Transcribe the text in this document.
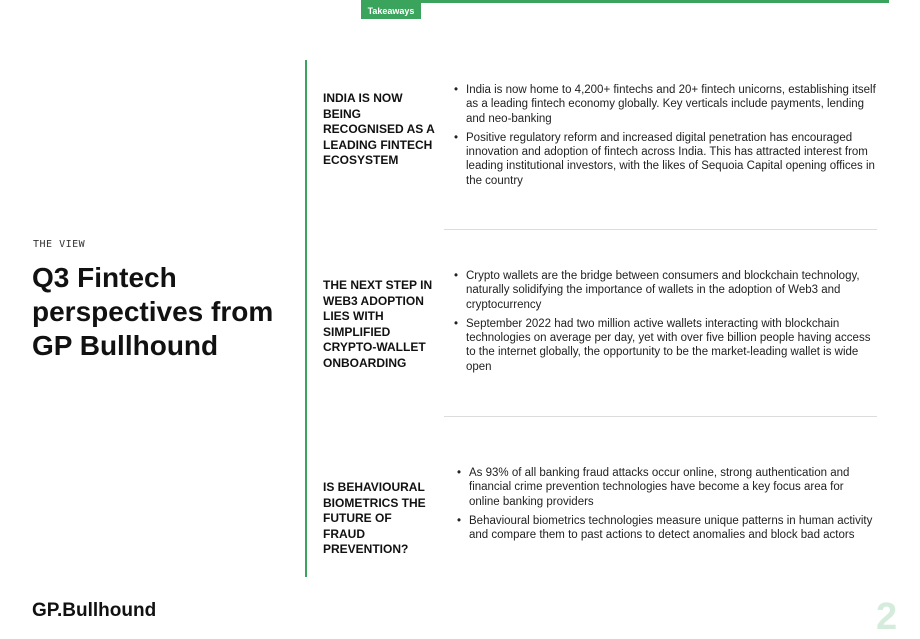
Takeaways
THE VIEW
Q3 Fintech perspectives from GP Bullhound
INDIA IS NOW BEING RECOGNISED AS A LEADING FINTECH ECOSYSTEM
• India is now home to 4,200+ fintechs and 20+ fintech unicorns, establishing itself as a leading fintech economy globally. Key verticals include payments, lending and neo-banking
• Positive regulatory reform and increased digital penetration has encouraged innovation and adoption of fintech across India. This has attracted interest from leading institutional investors, with the likes of Sequoia Capital opening offices in the country
THE NEXT STEP IN WEB3 ADOPTION LIES WITH SIMPLIFIED CRYPTO-WALLET ONBOARDING
• Crypto wallets are the bridge between consumers and blockchain technology, naturally solidifying the importance of wallets in the adoption of Web3 and cryptocurrency
• September 2022 had two million active wallets interacting with blockchain technologies on average per day, yet with over five billion people having access to the internet globally, the opportunity to be the market-leading wallet is wide open
IS BEHAVIOURAL BIOMETRICS THE FUTURE OF FRAUD PREVENTION?
• As 93% of all banking fraud attacks occur online, strong authentication and financial crime prevention technologies have become a key focus area for online banking providers
• Behavioural biometrics technologies measure unique patterns in human activity and compare them to past actions to detect anomalies and block bad actors
GP.Bullhound	2
